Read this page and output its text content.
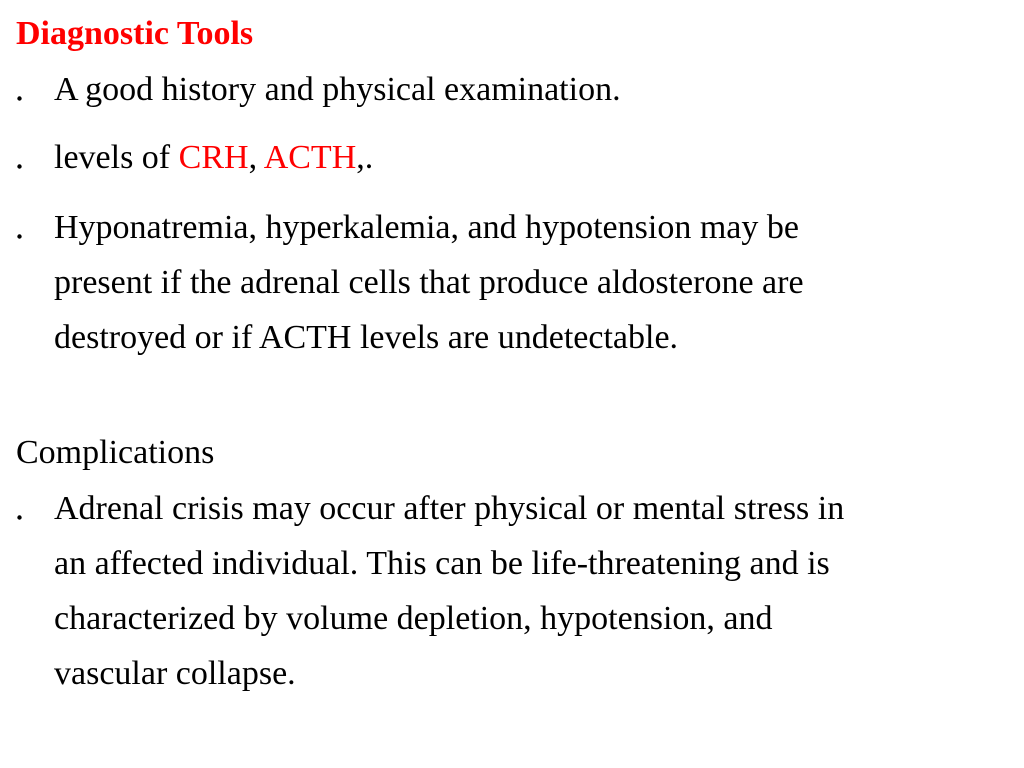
Diagnostic Tools
A good history and physical examination.
levels of CRH, ACTH,.
Hyponatremia, hyperkalemia, and hypotension may be
present if the adrenal cells that produce aldosterone are
destroyed or if ACTH levels are undetectable.
Complications
Adrenal crisis may occur after physical or mental stress in
an affected individual. This can be life-threatening and is
characterized by volume depletion, hypotension, and
vascular collapse.
